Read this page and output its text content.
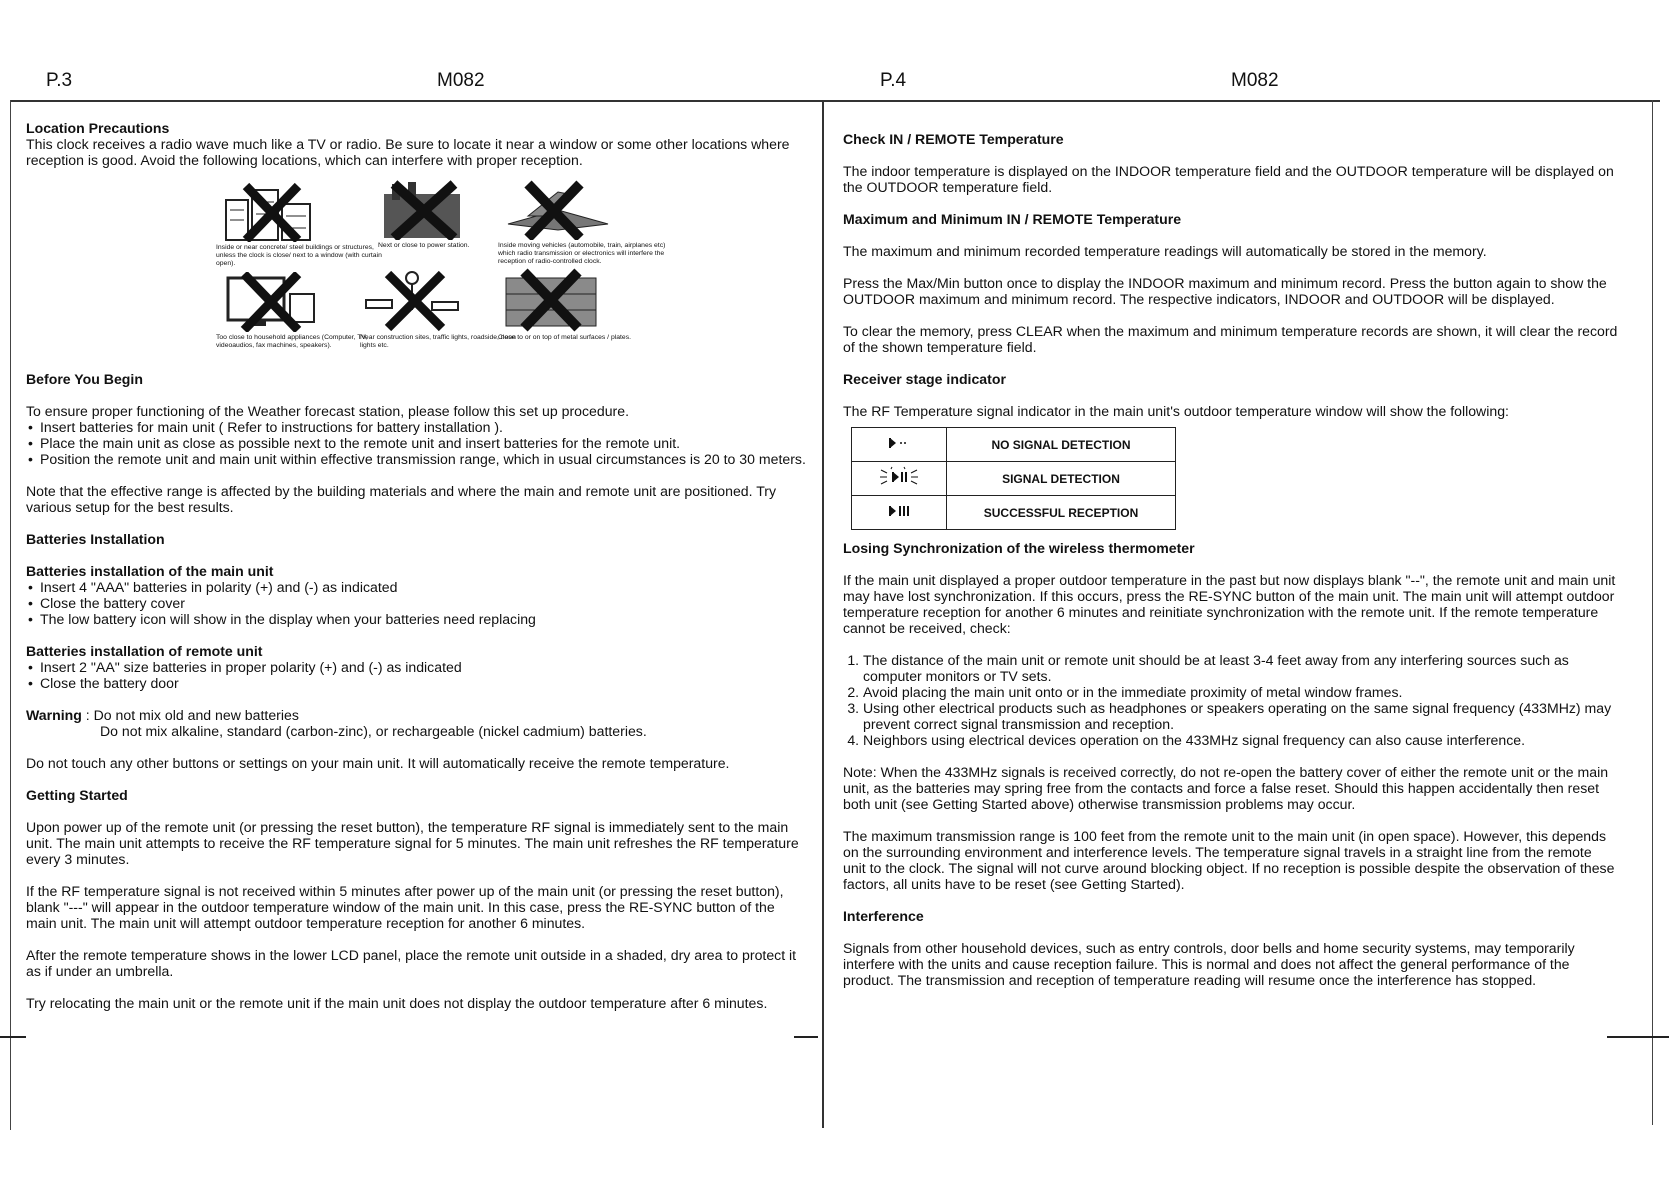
P.3	M082	P.4	M082

Location Precautions

This clock receives a radio wave much like a TV or radio. Be sure to locate it near a window or some other locations where reception is good. Avoid the following locations, which can interfere with proper reception.

Inside or near concrete/ steel buildings or structures, unless the clock is close/ next to a window (with curtain open).
Next or close to power station.	Inside moving vehicles (automobile, train, airplanes etc) which radio transmission or electronics will interfere the reception of radio-controlled clock.
Too close to household appliances (Computer, TV, videoaudios, fax machines, speakers).
Near construction sites, traffic lights, roadside, neon lights etc.
Close to or on top of metal surfaces / plates.

Before You Begin

To ensure proper functioning of the Weather forecast station, please follow this set up procedure.

• Insert batteries for main unit ( Refer to instructions for battery installation ).
• Place the main unit as close as possible next to the remote unit and insert batteries for the remote unit.
• Position the remote unit and main unit within effective transmission range, which in usual circumstances is 20 to 30 meters.

Note that the effective range is affected by the building materials and where the main and remote unit are positioned. Try various setup for the best results.

Batteries Installation

Batteries installation of the main unit

• Insert 4 "AAA" batteries in polarity (+) and (-) as indicated
• Close the battery cover
• The low battery icon will show in the display when your batteries need replacing

Batteries installation of remote unit

• Insert 2 "AA" size batteries in proper polarity (+) and (-) as indicated
• Close the battery door

Warning : Do not mix old and new batteries

Do not mix alkaline, standard (carbon-zinc), or rechargeable (nickel cadmium) batteries.

Do not touch any other buttons or settings on your main unit. It will automatically receive the remote temperature.

Getting Started

Upon power up of the remote unit (or pressing the reset button), the temperature RF signal is immediately sent to the main unit. The main unit attempts to receive the RF temperature signal for 5 minutes. The main unit refreshes the RF temperature every 3 minutes.

If the RF temperature signal is not received within 5 minutes after power up of the main unit (or pressing the reset button), blank "---" will appear in the outdoor temperature window of the main unit. In this case, press the RE-SYNC button of the main unit. The main unit will attempt outdoor temperature reception for another 6 minutes.

After the remote temperature shows in the lower LCD panel, place the remote unit outside in a shaded, dry area to protect it as if under an umbrella.

Try relocating the main unit or the remote unit if the main unit does not display the outdoor temperature after 6 minutes.

Check IN / REMOTE Temperature

The indoor temperature is displayed on the INDOOR temperature field and the OUTDOOR temperature will be displayed on the OUTDOOR temperature field.

Maximum and Minimum IN / REMOTE Temperature

The maximum and minimum recorded temperature readings will automatically be stored in the memory.

Press the Max/Min button once to display the INDOOR maximum and minimum record. Press the button again to show the OUTDOOR maximum and minimum record. The respective indicators, INDOOR and OUTDOOR will be displayed.

To clear the memory, press CLEAR when the maximum and minimum temperature records are shown, it will clear the record of the shown temperature field.

Receiver stage indicator

The RF Temperature signal indicator in the main unit's outdoor temperature window will show the following:

	NO SIGNAL DETECTION
	SIGNAL DETECTION
	SUCCESSFUL RECEPTION

Losing Synchronization of the wireless thermometer

If the main unit displayed a proper outdoor temperature in the past but now displays blank "--", the remote unit and main unit may have lost synchronization. If this occurs, press the RE-SYNC button of the main unit. The main unit will attempt outdoor temperature reception for another 6 minutes and reinitiate synchronization with the remote unit. If the remote temperature cannot be received, check:

1. The distance of the main unit or remote unit should be at least 3-4 feet away from any interfering sources such as computer monitors or TV sets.
2. Avoid placing the main unit onto or in the immediate proximity of metal window frames.
3. Using other electrical products such as headphones or speakers operating on the same signal frequency (433MHz) may prevent correct signal transmission and reception.
4. Neighbors using electrical devices operation on the 433MHz signal frequency can also cause interference.

Note: When the 433MHz signals is received correctly, do not re-open the battery cover of either the remote unit or the main unit, as the batteries may spring free from the contacts and force a false reset. Should this happen accidentally then reset both unit (see Getting Started above) otherwise transmission problems may occur.

The maximum transmission range is 100 feet from the remote unit to the main unit (in open space). However, this depends on the surrounding environment and interference levels. The temperature signal travels in a straight line from the remote unit to the clock. The signal will not curve around blocking object. If no reception is possible despite the observation of these factors, all units have to be reset (see Getting Started).

Interference

Signals from other household devices, such as entry controls, door bells and home security systems, may temporarily interfere with the units and cause reception failure. This is normal and does not affect the general performance of the product. The transmission and reception of temperature reading will resume once the interference has stopped.
